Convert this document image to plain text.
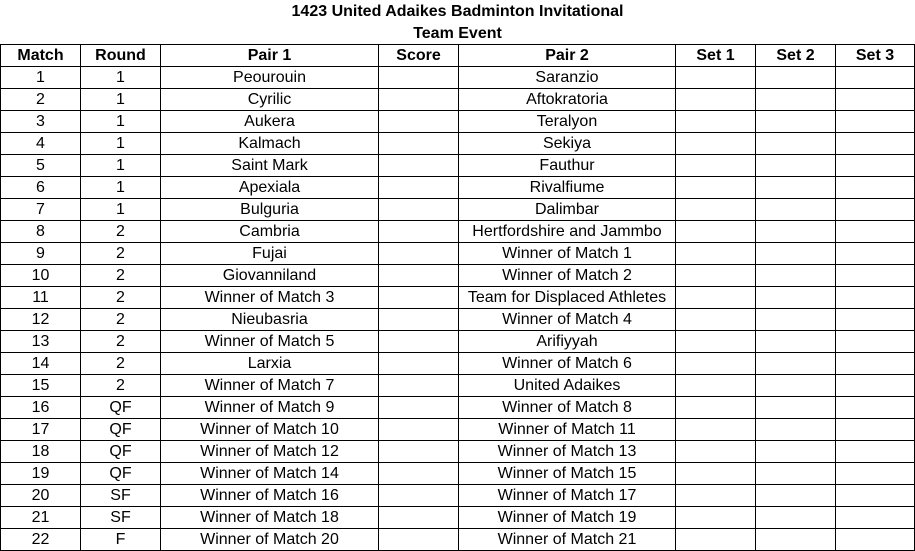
1423 United Adaikes Badminton Invitational
Team Event
Match	Round	Pair 1	Score	Pair 2	Set 1	Set 2	Set 3
1	1	Peourouin		Saranzio			
2	1	Cyrilic		Aftokratoria			
3	1	Aukera		Teralyon			
4	1	Kalmach		Sekiya			
5	1	Saint Mark		Fauthur			
6	1	Apexiala		Rivalfiume			
7	1	Bulguria		Dalimbar			
8	2	Cambria		Hertfordshire and Jammbo			
9	2	Fujai		Winner of Match 1			
10	2	Giovanniland		Winner of Match 2			
11	2	Winner of Match 3		Team for Displaced Athletes			
12	2	Nieubasria		Winner of Match 4			
13	2	Winner of Match 5		Arifiyyah			
14	2	Larxia		Winner of Match 6			
15	2	Winner of Match 7		United Adaikes			
16	QF	Winner of Match 9		Winner of Match 8			
17	QF	Winner of Match 10		Winner of Match 11			
18	QF	Winner of Match 12		Winner of Match 13			
19	QF	Winner of Match 14		Winner of Match 15			
20	SF	Winner of Match 16		Winner of Match 17			
21	SF	Winner of Match 18		Winner of Match 19			
22	F	Winner of Match 20		Winner of Match 21			
